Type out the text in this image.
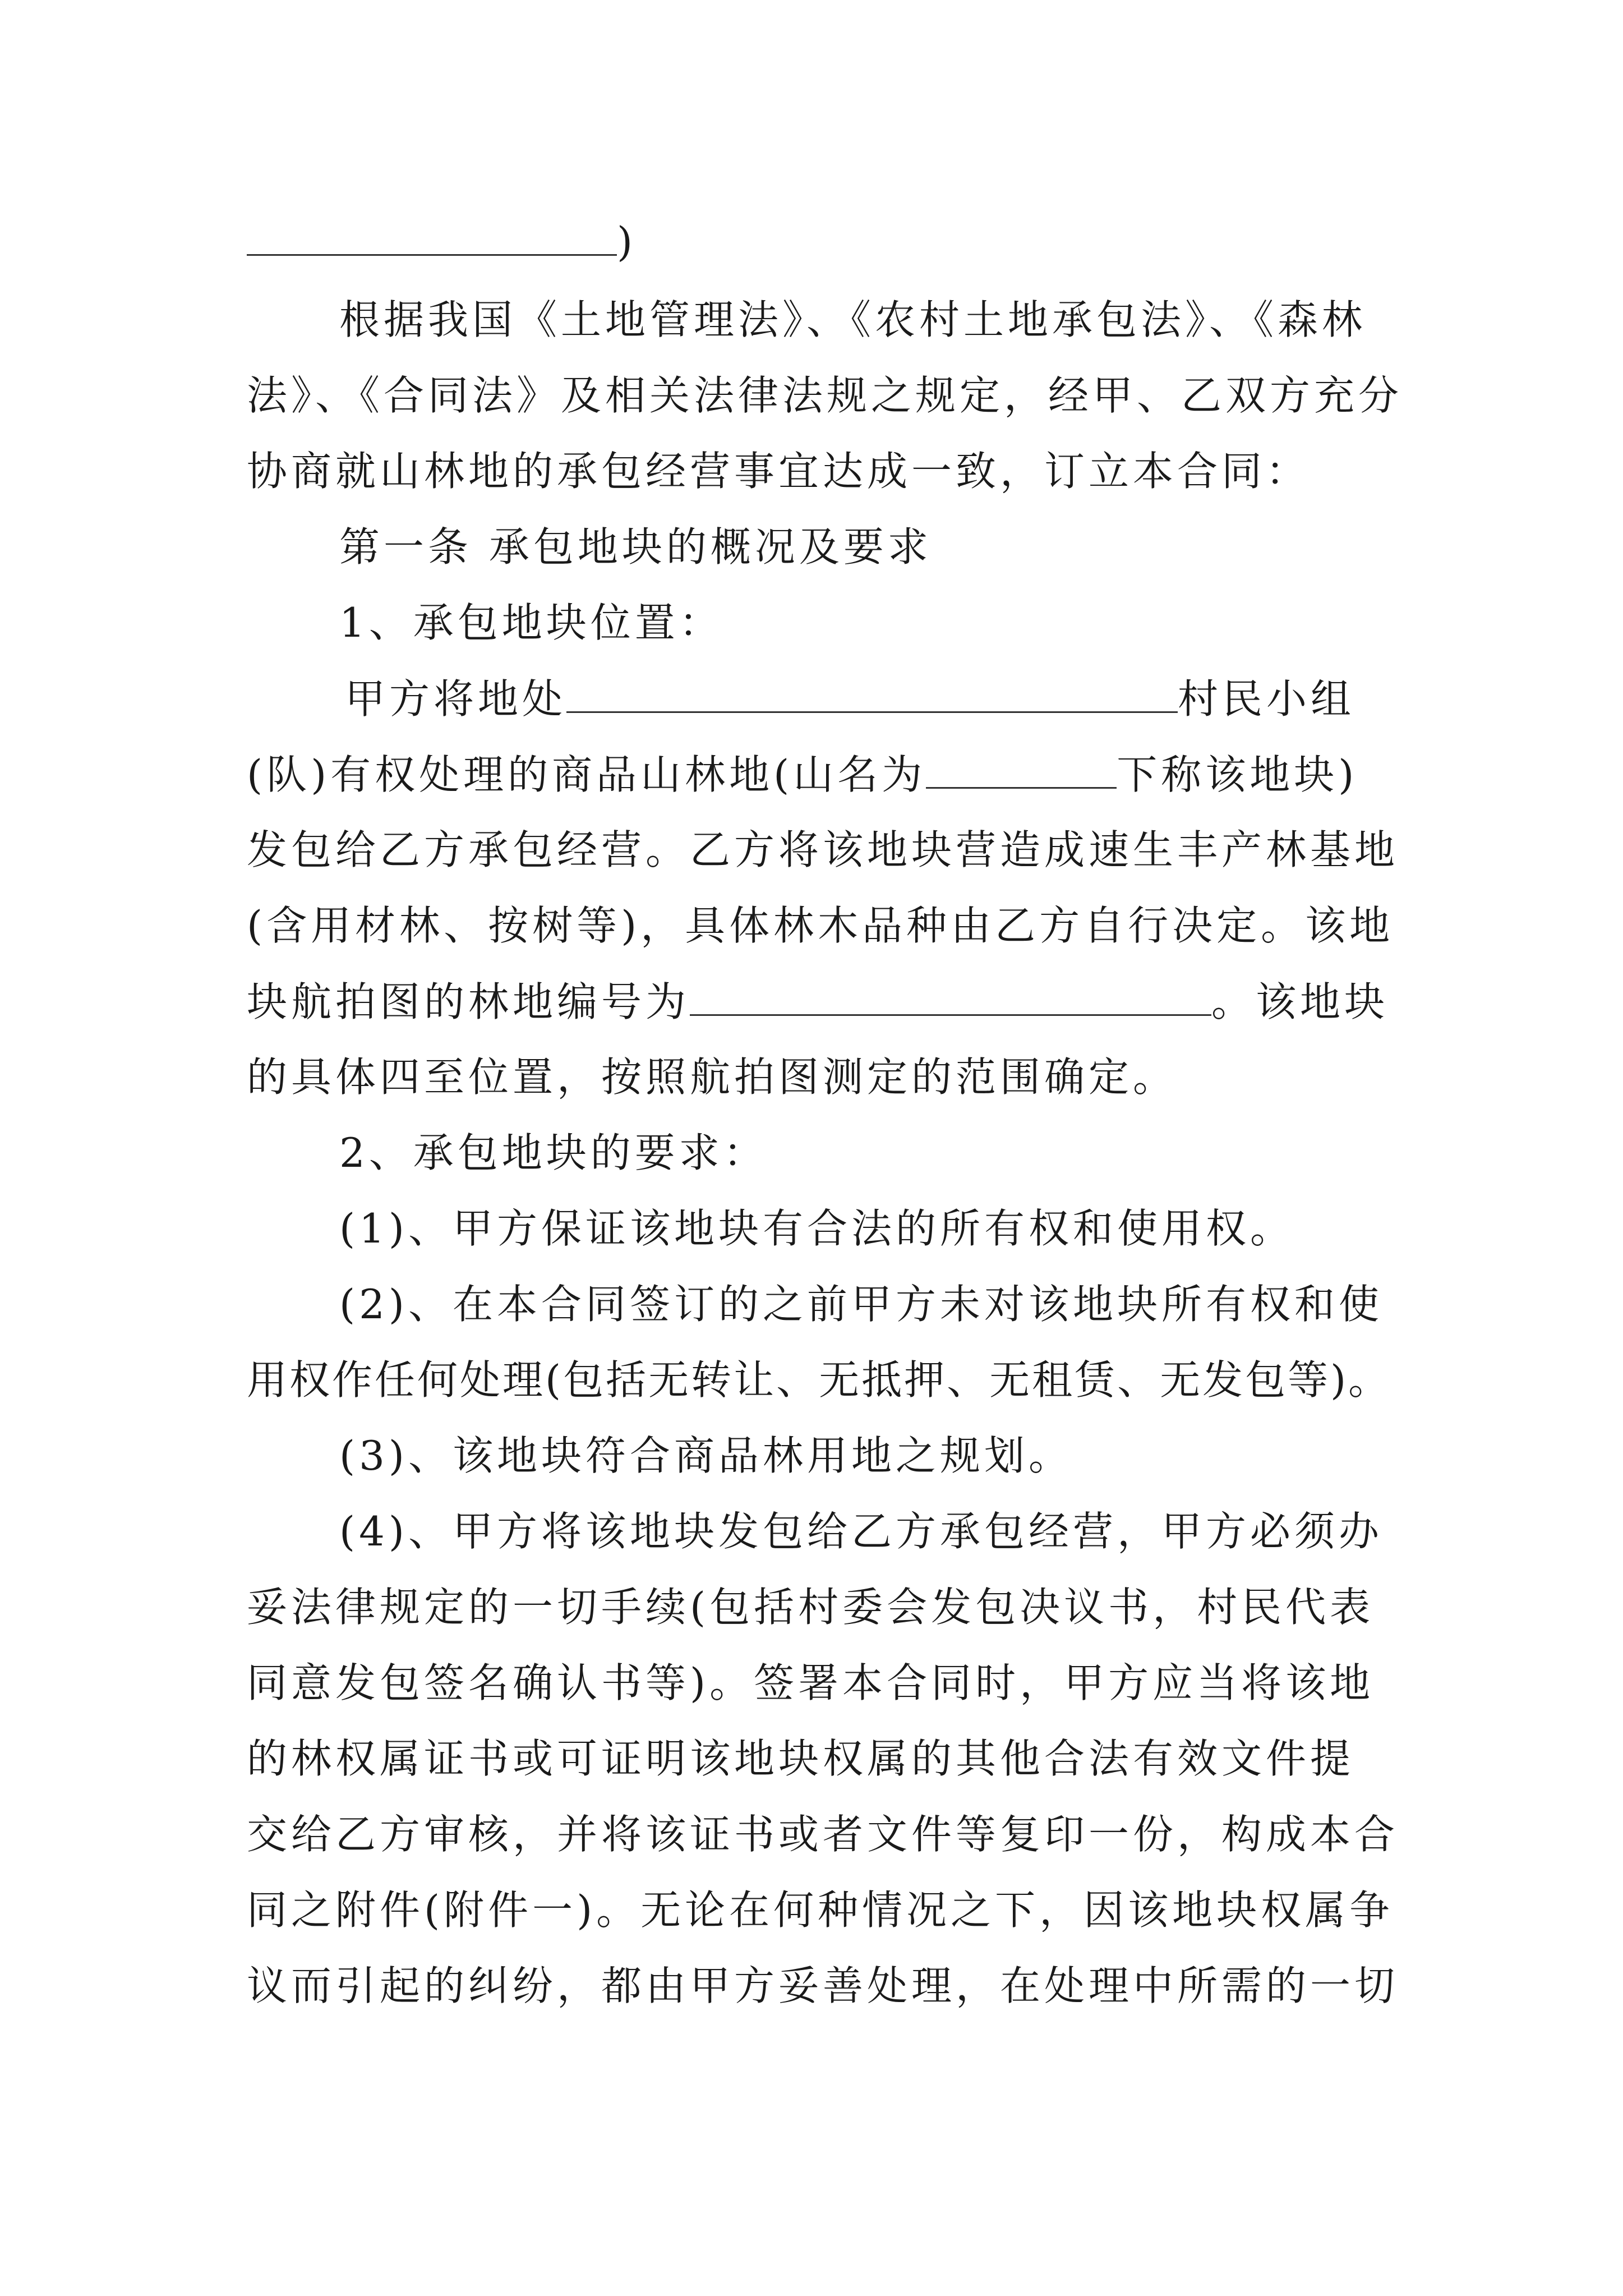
)
根据我国《土地管理法》、《农村土地承包法》、《森林
法》、《合同法》及相关法律法规之规定，经甲、乙双方充分
协商就山林地的承包经营事宜达成一致，订立本合同：
第一条 承包地块的概况及要求
1、承包地块位置：
甲方将地处	村民小组
(队)有权处理的商品山林地(山名为	下称该地块)
发包给乙方承包经营。乙方将该地块营造成速生丰产林基地
(含用材林、按树等)，具体林木品种由乙方自行决定。该地
块航拍图的林地编号为	。该地块
的具体四至位置，按照航拍图测定的范围确定。
2、承包地块的要求：
(1)、甲方保证该地块有合法的所有权和使用权。
(2)、在本合同签订的之前甲方未对该地块所有权和使
用权作任何处理(包括无转让、无抵押、无租赁、无发包等)。
(3)、该地块符合商品林用地之规划。
(4)、甲方将该地块发包给乙方承包经营，甲方必须办
妥法律规定的一切手续(包括村委会发包决议书，村民代表
同意发包签名确认书等)。签署本合同时，甲方应当将该地
的林权属证书或可证明该地块权属的其他合法有效文件提
交给乙方审核，并将该证书或者文件等复印一份，构成本合
同之附件(附件一)。无论在何种情况之下，因该地块权属争
议而引起的纠纷，都由甲方妥善处理，在处理中所需的一切
